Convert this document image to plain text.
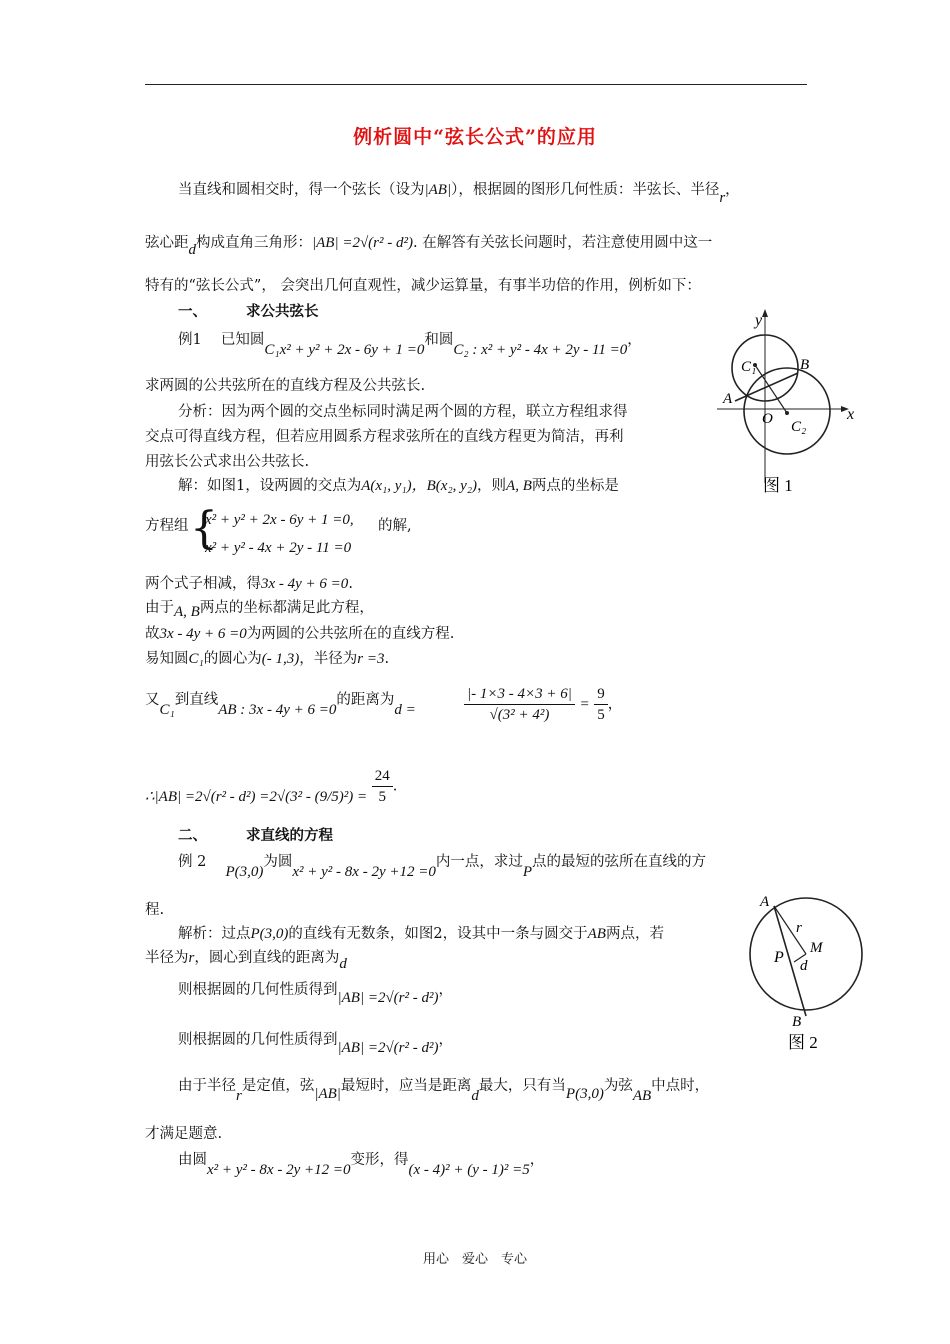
例析圆中“弦长公式”的应用
当直线和圆相交时，得一个弦长（设为|AB|），根据圆的图形几何性质：半弦长、半径r，
弦心距d构成直角三角形：|AB| =2√(r² - d²). 在解答有关弦长问题时，若注意使用圆中这一
特有的“弦长公式”， 会突出几何直观性，减少运算量，有事半功倍的作用，例析如下：
一、	求公共弦长
例1　 已知圆C₁x² + y² + 2x - 6y + 1 =0和圆C₂ : x² + y² - 4x + 2y - 11 =0，
求两圆的公共弦所在的直线方程及公共弦长.
分析：因为两个圆的交点坐标同时满足两个圆的方程，联立方程组求得
交点可得直线方程，但若应用圆系方程求弦所在的直线方程更为简洁，再利
用弦长公式求出公共弦长.
解：如图1，设两圆的交点为A(x₁, y₁)，B(x₂, y₂)，则A, B两点的坐标是
方程组 {
x² + y² + 2x - 6y + 1 =0,
x² + y² - 4x + 2y - 11 =0
的解,
两个式子相减，得3x - 4y + 6 =0.
由于A, B两点的坐标都满足此方程，
故3x - 4y + 6 =0为两圆的公共弦所在的直线方程.
易知圆C₁的圆心为(- 1,3)，半径为r =3.
又C₁到直线AB : 3x - 4y + 6 =0的距离为d =	$\frac{|- 1\times 3 - 4\times 3 + 6|}{\text{√(3² + 4²)}} = \frac{9}{5}$ ，
∴|AB| $=2√(r^2 - d^2) =2√(3^2 - (9/5)^2) = \frac{24}{5}$ .
y
x
C₁	B
A
O C₂
图 1
二、	求直线的方程
例 2　 P(3,0)为圆x² + y² - 8x - 2y +12 =0内一点，求过P点的最短的弦所在直线的方
程.
解析：过点P(3,0)的直线有无数条，如图2，设其中一条与圆交于AB两点，若
半径为r，圆心到直线的距离为d
则根据圆的几何性质得到|AB| =2√(r² - d²)，
则根据圆的几何性质得到|AB| =2√(r² - d²)，
由于半径r是定值，弦|AB|最短时，应当是距离d最大，只有当P(3,0)为弦AB中点时，
才满足题意.
由圆x² + y² - 8x - 2y +12 =0变形，得(x - 4)² + (y - 1)² =5，
A
r
M
P d
B
图 2
用心　爱心　专心
